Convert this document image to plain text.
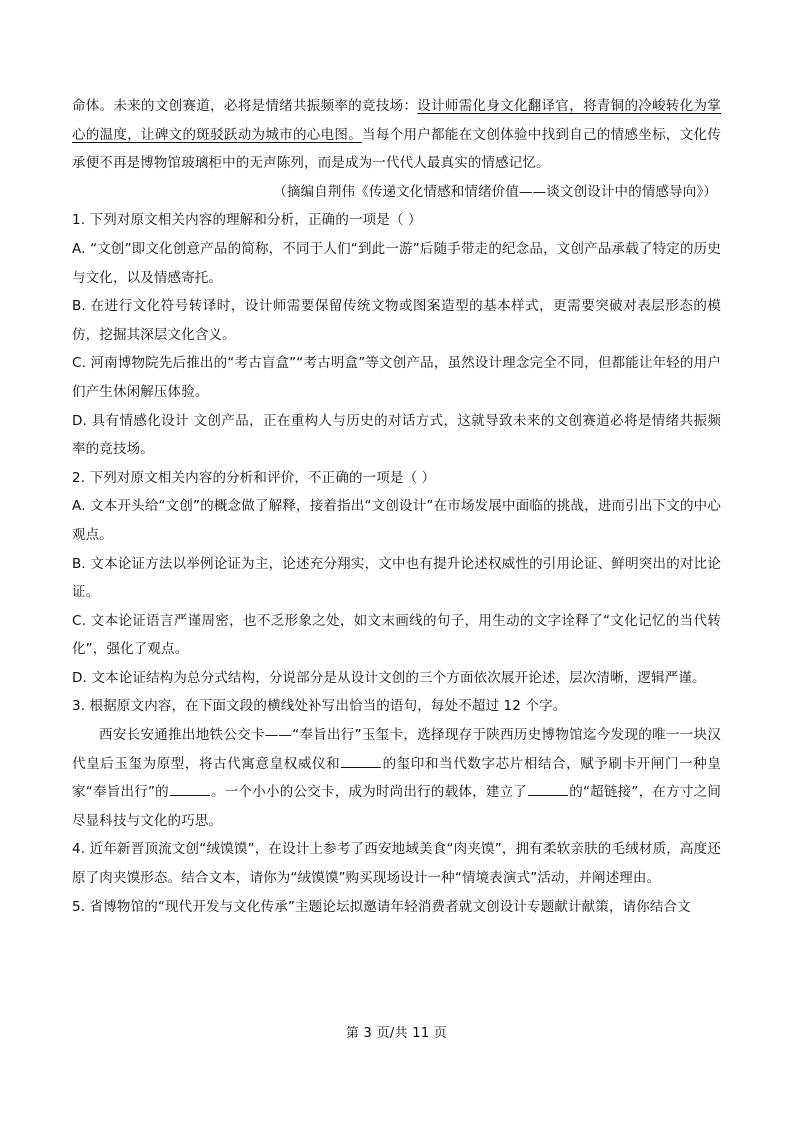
命体。未来的文创赛道，必将是情绪共振频率的竞技场：设计师需化身文化翻译官，将青铜的冷峻转化为掌心的温度，让碑文的斑驳跃动为城市的心电图。当每个用户都能在文创体验中找到自己的情感坐标，文化传承便不再是博物馆玻璃柜中的无声陈列，而是成为一代代人最真实的情感记忆。

（摘编自荆伟《传递文化情感和情绪价值——谈文创设计中的情感导向》）

1. 下列对原文相关内容的理解和分析，正确的一项是（ ）

A. “文创”即文化创意产品的简称，不同于人们“到此一游”后随手带走的纪念品，文创产品承载了特定的历史与文化，以及情感寄托。

B. 在进行文化符号转译时，设计师需要保留传统文物或图案造型的基本样式，更需要突破对表层形态的模仿，挖掘其深层文化含义。

C. 河南博物院先后推出的“考古盲盒”“考古明盒”等文创产品，虽然设计理念完全不同，但都能让年轻的用户们产生休闲解压体验。

D. 具有情感化设计 文创产品，正在重构人与历史的对话方式，这就导致未来的文创赛道必将是情绪共振频率的竞技场。

2. 下列对原文相关内容的分析和评价，不正确的一项是（ ）

A. 文本开头给“文创”的概念做了解释，接着指出“文创设计”在市场发展中面临的挑战，进而引出下文的中心观点。

B. 文本论证方法以举例论证为主，论述充分翔实，文中也有提升论述权威性的引用论证、鲜明突出的对比论证。

C. 文本论证语言严谨周密，也不乏形象之处，如文末画线的句子，用生动的文字诠释了“文化记忆的当代转化”，强化了观点。

D. 文本论证结构为总分式结构，分说部分是从设计文创的三个方面依次展开论述，层次清晰，逻辑严谨。

3. 根据原文内容，在下面文段的横线处补写出恰当的语句，每处不超过 12 个字。

西安长安通推出地铁公交卡——“奉旨出行”玉玺卡，选择现存于陕西历史博物馆迄今发现的唯一一块汉代皇后玉玺为原型，将古代寓意皇权威仪和	的玺印和当代数字芯片相结合，赋予刷卡开闸门一种皇家“奉旨出行”的	。一个小小的公交卡，成为时尚出行的载体，建立了	的“超链接”，在方寸之间尽显科技与文化的巧思。

4. 近年新晋顶流文创“绒馍馍”，在设计上参考了西安地域美食“肉夹馍”，拥有柔软亲肤的毛绒材质，高度还原了肉夹馍形态。结合文本，请你为“绒馍馍”购买现场设计一种“情境表演式”活动，并阐述理由。

5. 省博物馆的“现代开发与文化传承”主题论坛拟邀请年轻消费者就文创设计专题献计献策，请你结合文

第 3 页/共 11 页
